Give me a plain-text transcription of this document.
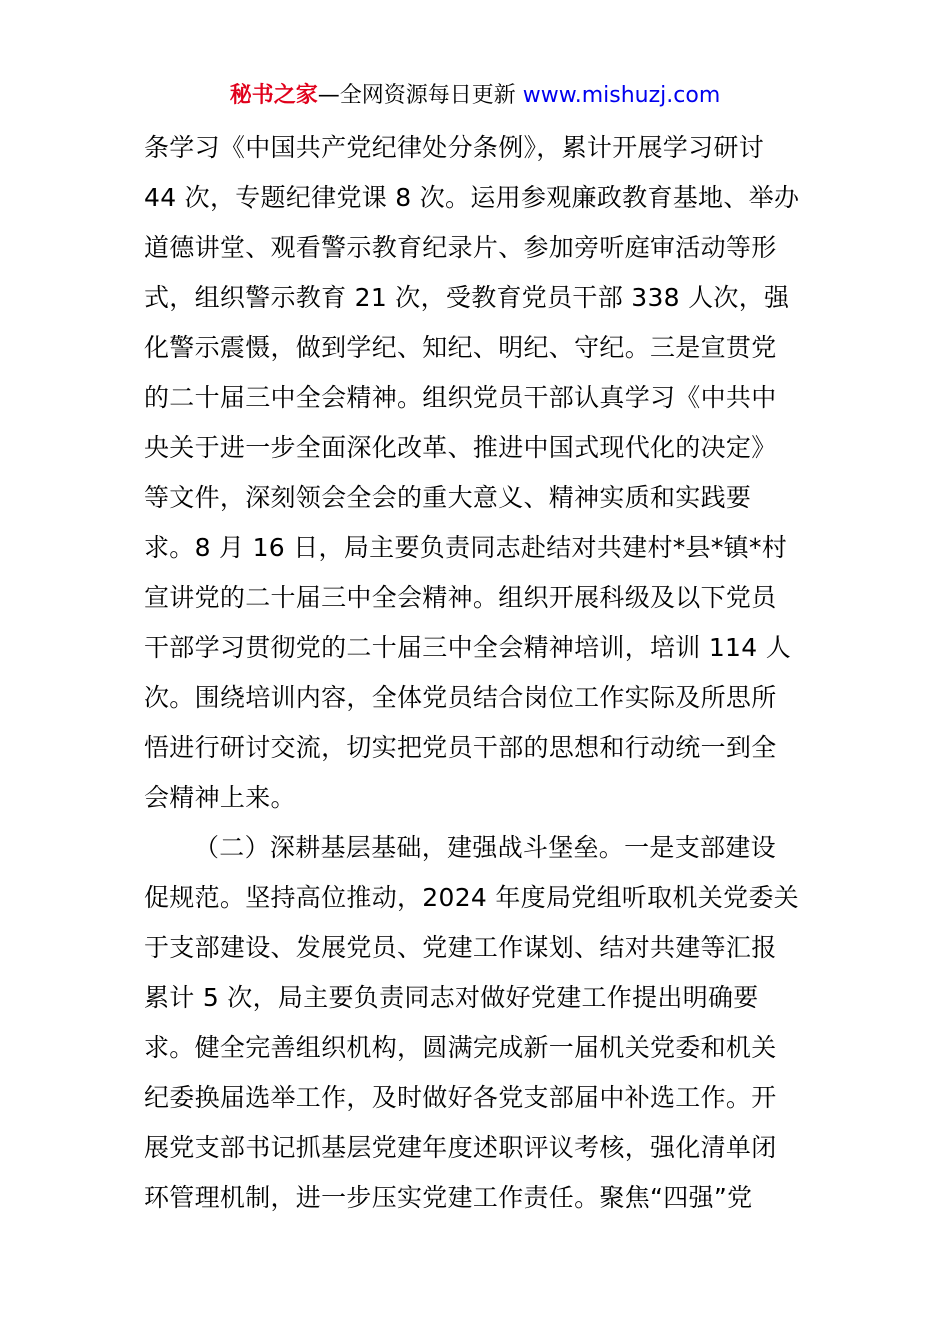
秘书之家—全网资源每日更新 www.mishuzj.com
条学习《中国共产党纪律处分条例》，累计开展学习研讨
44 次，专题纪律党课 8 次。运用参观廉政教育基地、举办
道德讲堂、观看警示教育纪录片、参加旁听庭审活动等形
式，组织警示教育 21 次，受教育党员干部 338 人次，强
化警示震慑，做到学纪、知纪、明纪、守纪。三是宣贯党
的二十届三中全会精神。组织党员干部认真学习《中共中
央关于进一步全面深化改革、推进中国式现代化的决定》
等文件，深刻领会全会的重大意义、精神实质和实践要
求。8 月 16 日，局主要负责同志赴结对共建村*县*镇*村
宣讲党的二十届三中全会精神。组织开展科级及以下党员
干部学习贯彻党的二十届三中全会精神培训，培训 114 人
次。围绕培训内容，全体党员结合岗位工作实际及所思所
悟进行研讨交流，切实把党员干部的思想和行动统一到全
会精神上来。
（二）深耕基层基础，建强战斗堡垒。一是支部建设
促规范。坚持高位推动，2024 年度局党组听取机关党委关
于支部建设、发展党员、党建工作谋划、结对共建等汇报
累计 5 次，局主要负责同志对做好党建工作提出明确要
求。健全完善组织机构，圆满完成新一届机关党委和机关
纪委换届选举工作，及时做好各党支部届中补选工作。开
展党支部书记抓基层党建年度述职评议考核，强化清单闭
环管理机制，进一步压实党建工作责任。聚焦“四强”党
